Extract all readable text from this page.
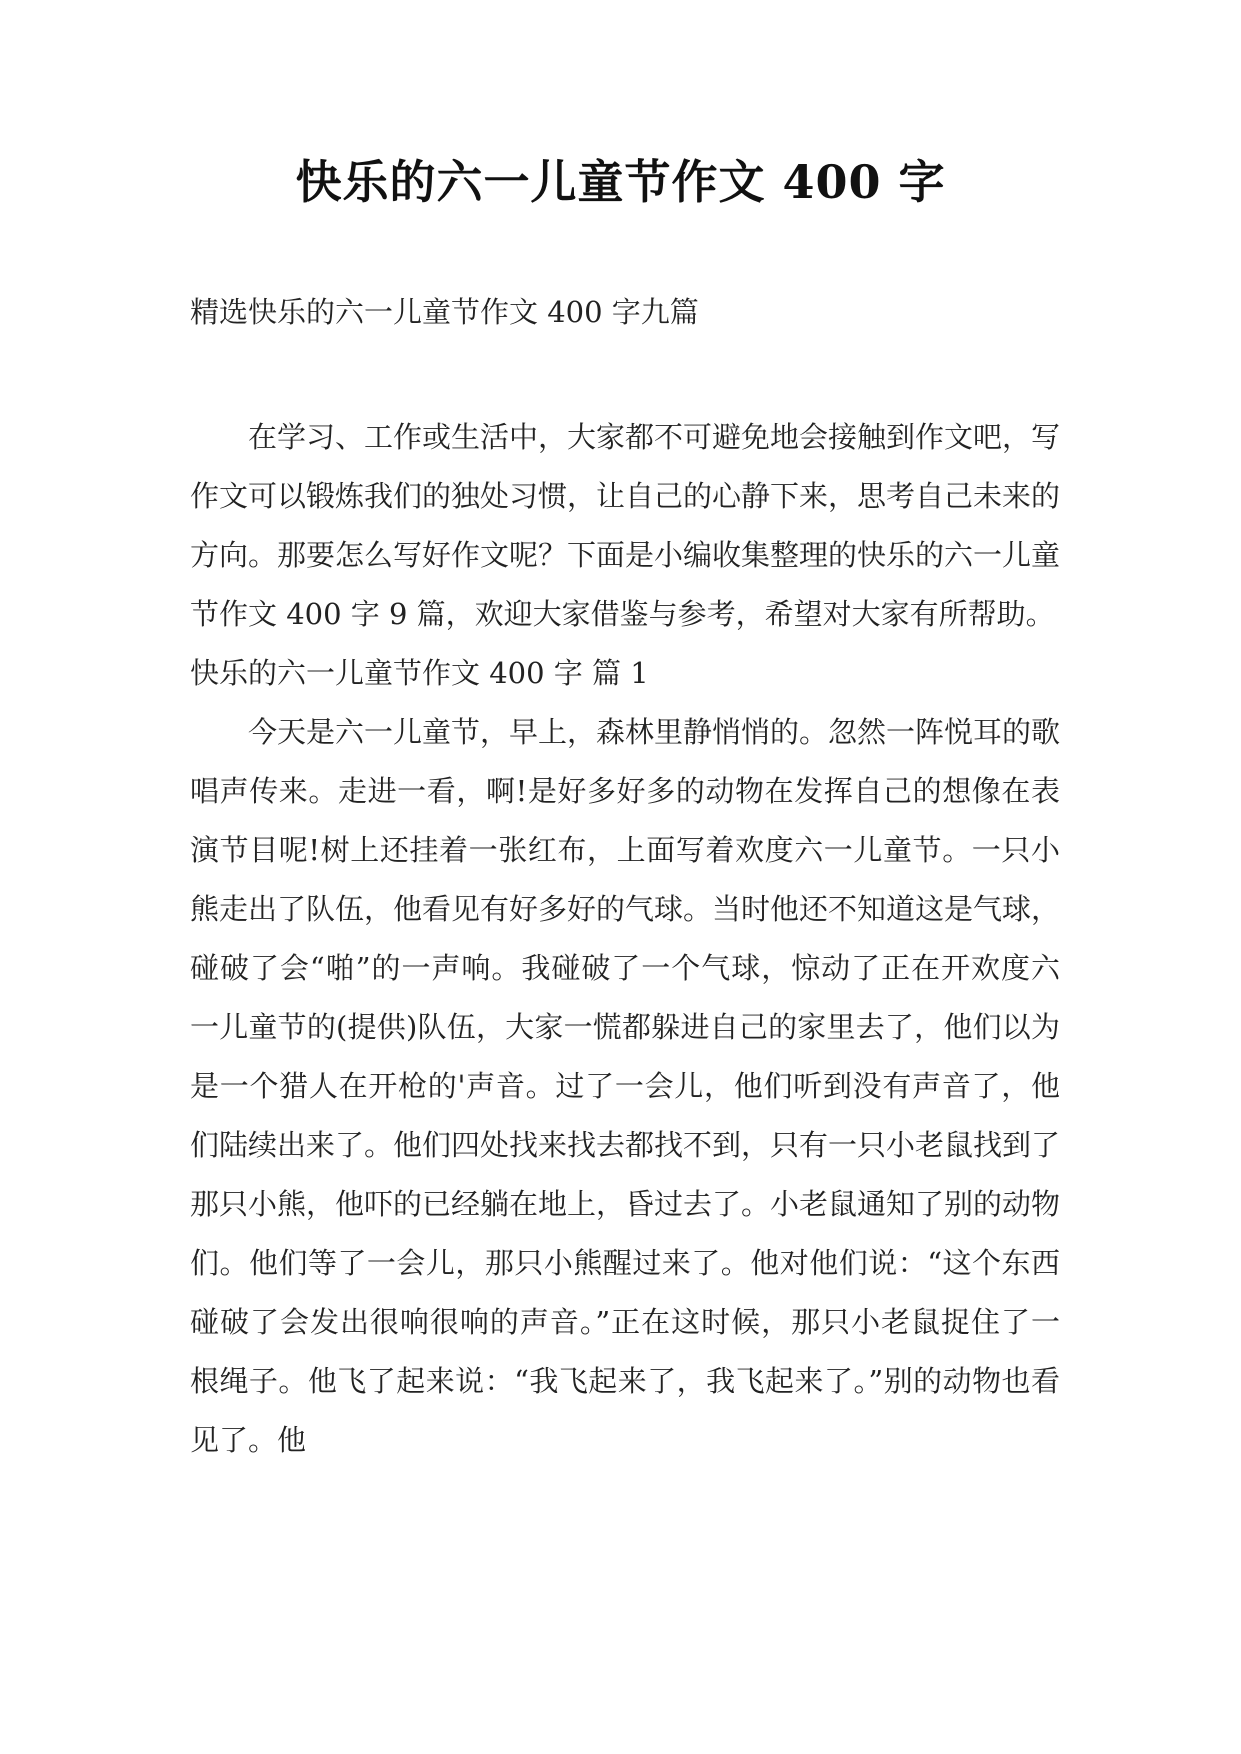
快乐的六一儿童节作文 400 字
精选快乐的六一儿童节作文 400 字九篇

在学习、工作或生活中，大家都不可避免地会接触到作文吧，写作文可以锻炼我们的独处习惯，让自己的心静下来，思考自己未来的方向。那要怎么写好作文呢？下面是小编收集整理的快乐的六一儿童节作文 400 字 9 篇，欢迎大家借鉴与参考，希望对大家有所帮助。

快乐的六一儿童节作文 400 字 篇 1

今天是六一儿童节，早上，森林里静悄悄的。忽然一阵悦耳的歌唱声传来。走进一看，啊!是好多好多的动物在发挥自己的想像在表演节目呢!树上还挂着一张红布，上面写着欢度六一儿童节。一只小熊走出了队伍，他看见有好多好的气球。当时他还不知道这是气球，碰破了会“啪”的一声响。我碰破了一个气球，惊动了正在开欢度六一儿童节的(提供)队伍，大家一慌都躲进自己的家里去了，他们以为是一个猎人在开枪的'声音。过了一会儿，他们听到没有声音了，他们陆续出来了。他们四处找来找去都找不到，只有一只小老鼠找到了那只小熊，他吓的已经躺在地上，昏过去了。小老鼠通知了别的动物们。他们等了一会儿，那只小熊醒过来了。他对他们说：“这个东西碰破了会发出很响很响的声音。”正在这时候，那只小老鼠捉住了一根绳子。他飞了起来说：“我飞起来了，我飞起来了。”别的动物也看见了。他
